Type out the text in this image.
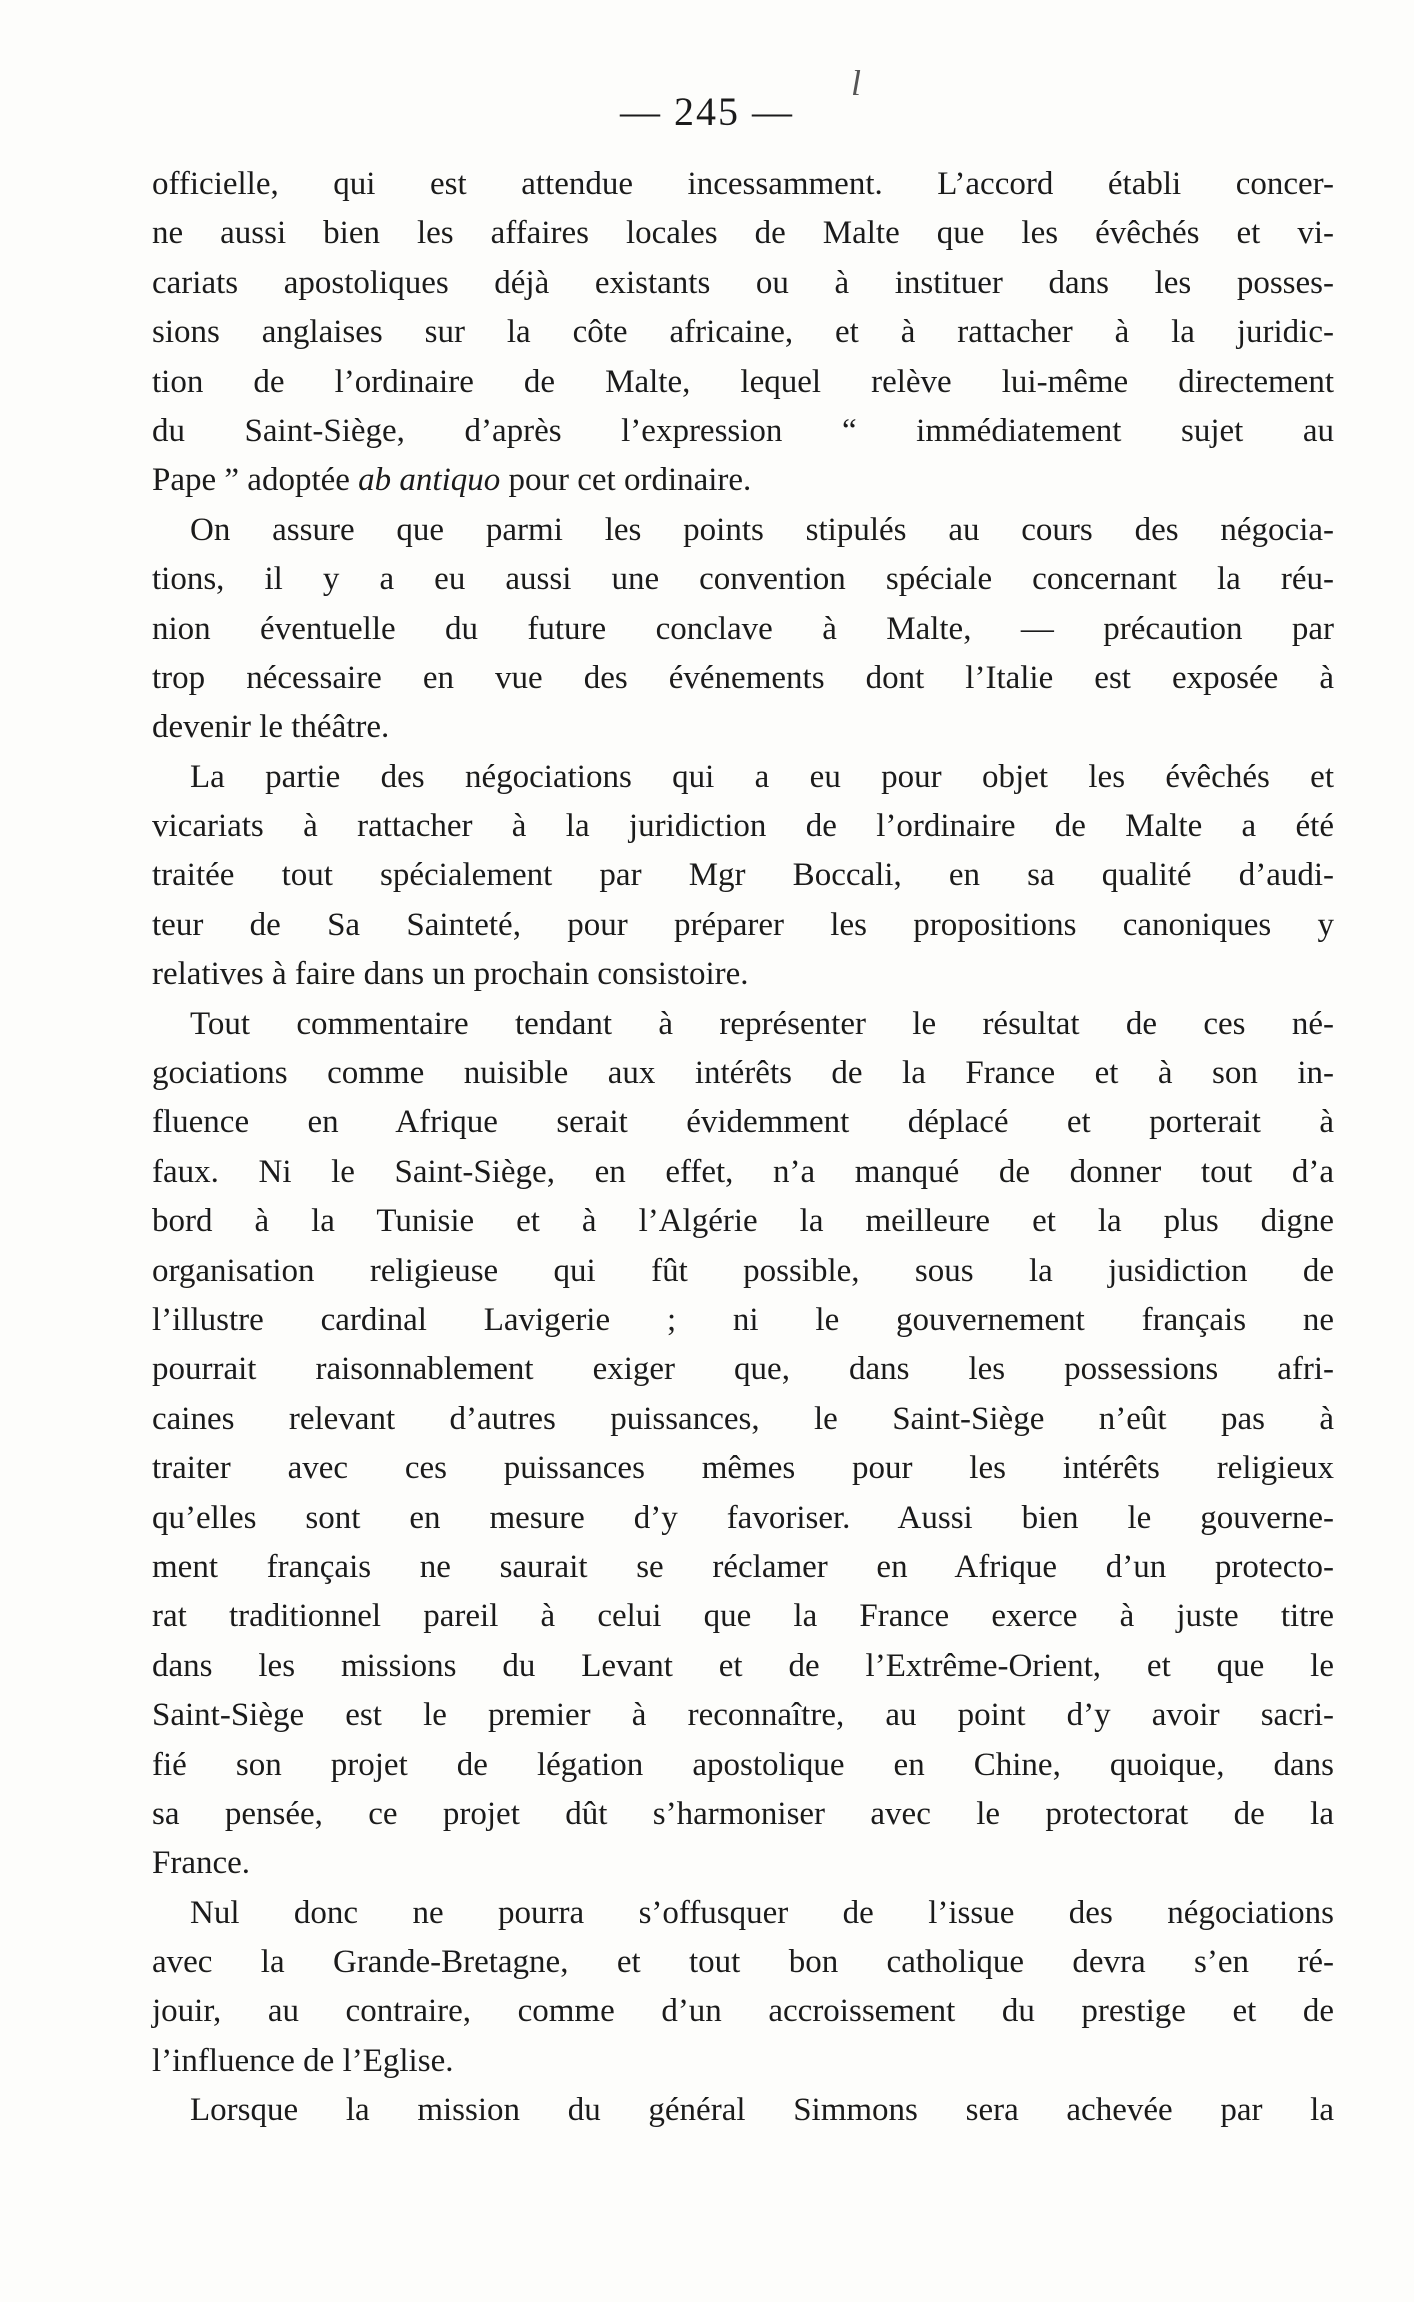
— 245 —
l
officielle, qui est attendue incessamment. L’accord établi concer-
ne aussi bien les affaires locales de Malte que les évêchés et vi-
cariats apostoliques déjà existants ou à instituer dans les posses-
sions anglaises sur la côte africaine, et à rattacher à la juridic-
tion de l’ordinaire de Malte, lequel relève lui-même directement
du Saint-Siège, d’après l’expression “ immédiatement sujet au
Pape ” adoptée ab antiquo pour cet ordinaire.
On assure que parmi les points stipulés au cours des négocia-
tions, il y a eu aussi une convention spéciale concernant la réu-
nion éventuelle du future conclave à Malte, — précaution par
trop nécessaire en vue des événements dont l’Italie est exposée à
devenir le théâtre.
La partie des négociations qui a eu pour objet les évêchés et
vicariats à rattacher à la juridiction de l’ordinaire de Malte a été
traitée tout spécialement par Mgr Boccali, en sa qualité d’audi-
teur de Sa Sainteté, pour préparer les propositions canoniques y
relatives à faire dans un prochain consistoire.
Tout commentaire tendant à représenter le résultat de ces né-
gociations comme nuisible aux intérêts de la France et à son in-
fluence en Afrique serait évidemment déplacé et porterait à
faux. Ni le Saint-Siège, en effet, n’a manqué de donner tout d’a
bord à la Tunisie et à l’Algérie la meilleure et la plus digne
organisation religieuse qui fût possible, sous la jusidiction de
l’illustre cardinal Lavigerie ; ni le gouvernement français ne
pourrait raisonnablement exiger que, dans les possessions afri-
caines relevant d’autres puissances, le Saint-Siège n’eût pas à
traiter avec ces puissances mêmes pour les intérêts religieux
qu’elles sont en mesure d’y favoriser. Aussi bien le gouverne-
ment français ne saurait se réclamer en Afrique d’un protecto-
rat traditionnel pareil à celui que la France exerce à juste titre
dans les missions du Levant et de l’Extrême-Orient, et que le
Saint-Siège est le premier à reconnaître, au point d’y avoir sacri-
fié son projet de légation apostolique en Chine, quoique, dans
sa pensée, ce projet dût s’harmoniser avec le protectorat de la
France.
Nul donc ne pourra s’offusquer de l’issue des négociations
avec la Grande-Bretagne, et tout bon catholique devra s’en ré-
jouir, au contraire, comme d’un accroissement du prestige et de
l’influence de l’Eglise.
Lorsque la mission du général Simmons sera achevée par la
